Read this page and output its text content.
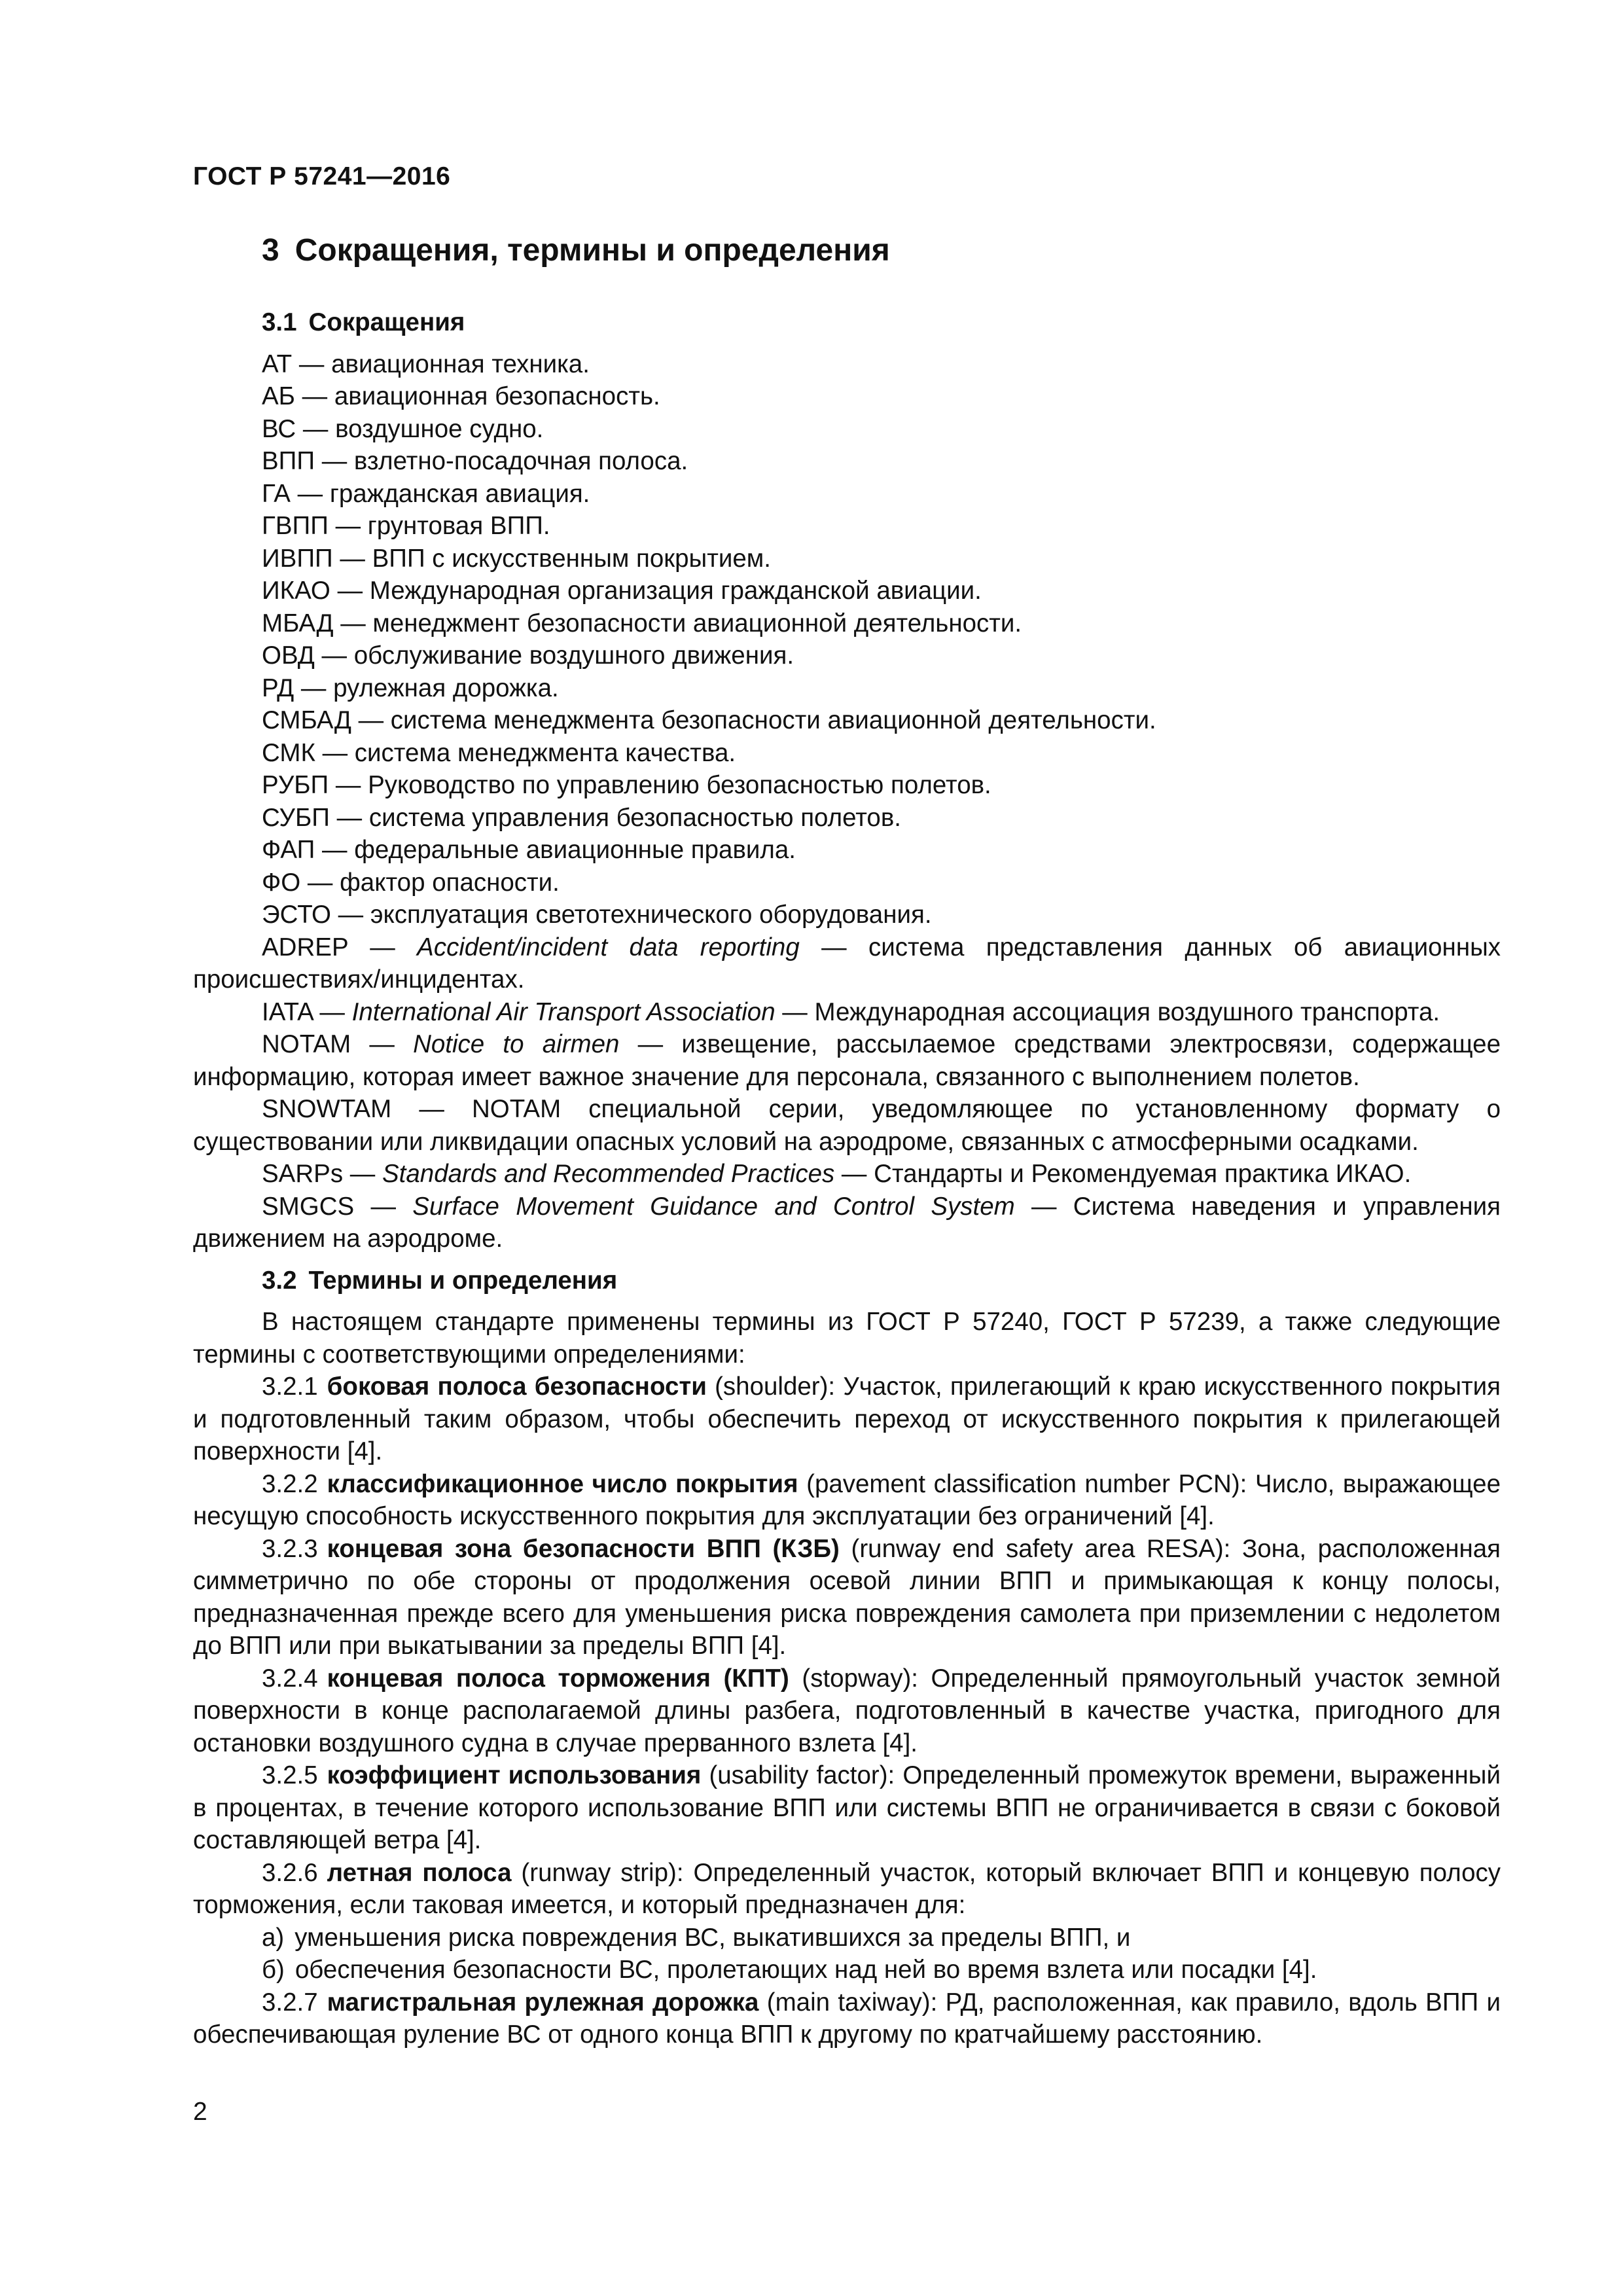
ГОСТ Р 57241—2016
3 Сокращения, термины и определения
3.1 Сокращения
АТ — авиационная техника.
АБ — авиационная безопасность.
ВС — воздушное судно.
ВПП — взлетно-посадочная полоса.
ГА — гражданская авиация.
ГВПП — грунтовая ВПП.
ИВПП — ВПП с искусственным покрытием.
ИКАО — Международная организация гражданской авиации.
МБАД — менеджмент безопасности авиационной деятельности.
ОВД — обслуживание воздушного движения.
РД — рулежная дорожка.
СМБАД — система менеджмента безопасности авиационной деятельности.
СМК — система менеджмента качества.
РУБП — Руководство по управлению безопасностью полетов.
СУБП — система управления безопасностью полетов.
ФАП — федеральные авиационные правила.
ФО — фактор опасности.
ЭСТО — эксплуатация светотехнического оборудования.

ADREP — Accident/incident data reporting — система представления данных об авиационных происшествиях/инцидентах.

IATA — International Air Transport Association — Международная ассоциация воздушного транспорта.

NOTAM — Notice to airmen — извещение, рассылаемое средствами электросвязи, содержащее информацию, которая имеет важное значение для персонала, связанного с выполнением полетов.

SNOWTAM — NOTAM специальной серии, уведомляющее по установленному формату о существовании или ликвидации опасных условий на аэродроме, связанных с атмосферными осадками.

SARPs — Standards and Recommended Practices — Стандарты и Рекомендуемая практика ИКАО.

SMGCS — Surface Movement Guidance and Control System — Система наведения и управления движением на аэродроме.

3.2 Термины и определения

В настоящем стандарте применены термины из ГОСТ Р 57240, ГОСТ Р 57239, а также следующие термины с соответствующими определениями:

3.2.1 боковая полоса безопасности (shoulder): Участок, прилегающий к краю искусственного покрытия и подготовленный таким образом, чтобы обеспечить переход от искусственного покрытия к прилегающей поверхности [4].

3.2.2 классификационное число покрытия (pavement classification number PCN): Число, выражающее несущую способность искусственного покрытия для эксплуатации без ограничений [4].

3.2.3 концевая зона безопасности ВПП (КЗБ) (runway end safety area RESA): Зона, расположенная симметрично по обе стороны от продолжения осевой линии ВПП и примыкающая к концу полосы, предназначенная прежде всего для уменьшения риска повреждения самолета при приземлении с недолетом до ВПП или при выкатывании за пределы ВПП [4].

3.2.4 концевая полоса торможения (КПТ) (stopway): Определенный прямоугольный участок земной поверхности в конце располагаемой длины разбега, подготовленный в качестве участка, пригодного для остановки воздушного судна в случае прерванного взлета [4].

3.2.5 коэффициент использования (usability factor): Определенный промежуток времени, выраженный в процентах, в течение которого использование ВПП или системы ВПП не ограничивается в связи с боковой составляющей ветра [4].

3.2.6 летная полоса (runway strip): Определенный участок, который включает ВПП и концевую полосу торможения, если таковая имеется, и который предназначен для:

а) уменьшения риска повреждения ВС, выкатившихся за пределы ВПП, и
б) обеспечения безопасности ВС, пролетающих над ней во время взлета или посадки [4].

3.2.7 магистральная рулежная дорожка (main taxiway): РД, расположенная, как правило, вдоль ВПП и обеспечивающая руление ВС от одного конца ВПП к другому по кратчайшему расстоянию.

2
